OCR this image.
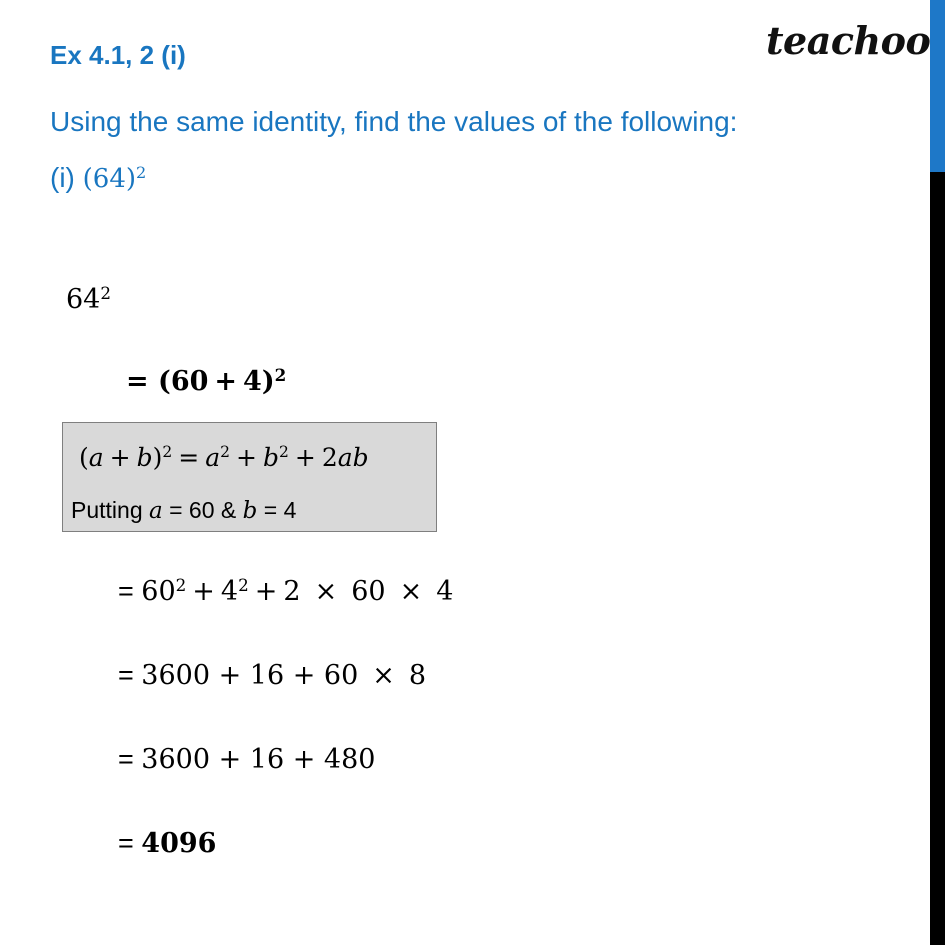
Ex 4.1, 2 (i)
Using the same identity, find the values of the following:
(i) $(64)^2$
teachoo
$64^2$
= $(60 + 4)^2$
$(a + b)^2 = a^2 + b^2 + 2ab$
Putting a = 60 & b = 4
= $60^2 + 4^2 + 2 \times 60 \times 4$
= 3600 + 16 + 60 × 8
= 3600 + 16 + 480
= 4096
